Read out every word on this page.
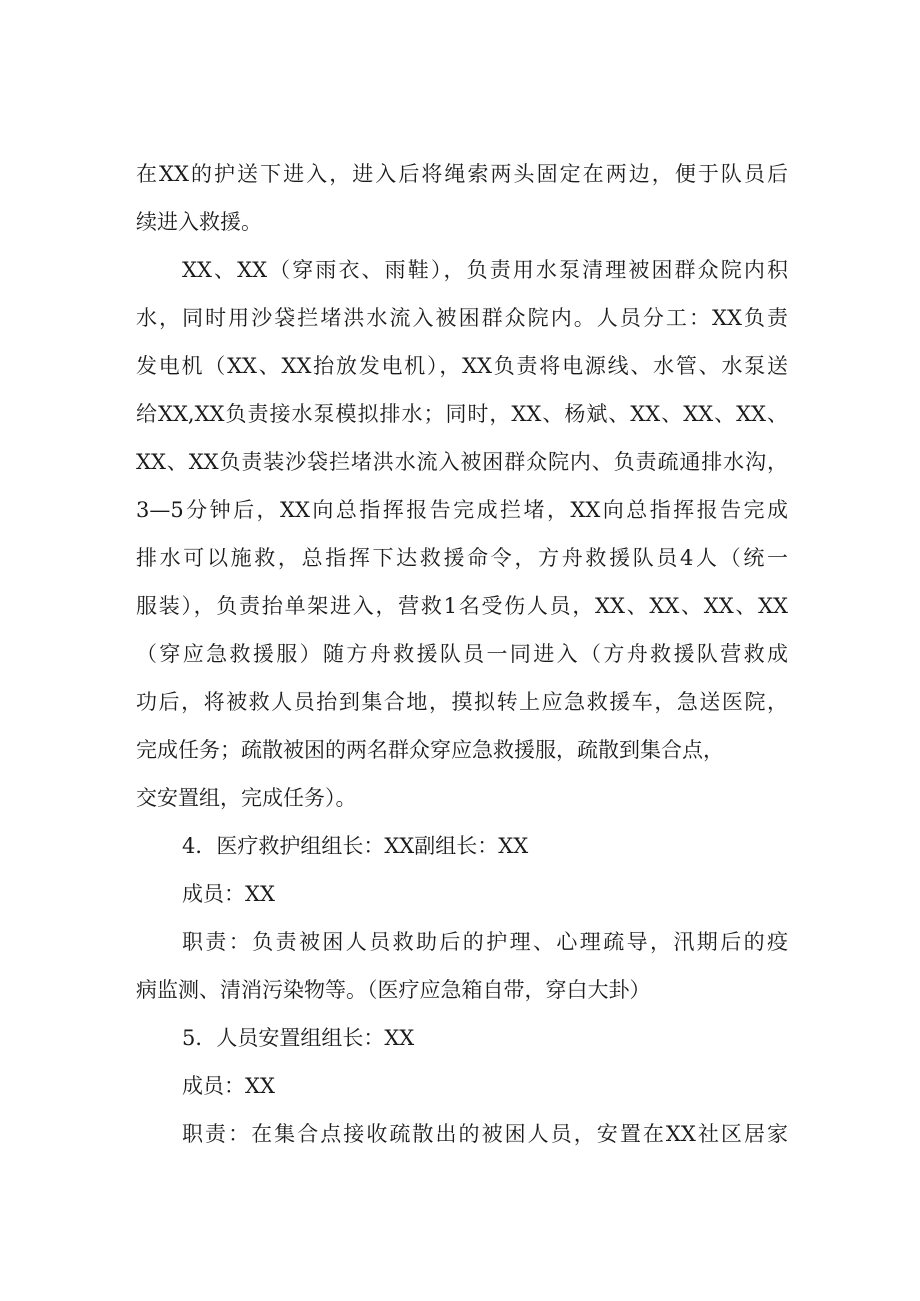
在XX的护送下进入，进入后将绳索两头固定在两边，便于队员后
续进入救援。
XX、XX（穿雨衣、雨鞋），负责用水泵清理被困群众院内积
水，同时用沙袋拦堵洪水流入被困群众院内。人员分工：XX负责
发电机（XX、XX抬放发电机），XX负责将电源线、水管、水泵送
给XX,XX负责接水泵模拟排水；同时，XX、杨斌、XX、XX、XX、
XX、XX负责装沙袋拦堵洪水流入被困群众院内、负责疏通排水沟，
3—5分钟后，XX向总指挥报告完成拦堵，XX向总指挥报告完成
排水可以施救，总指挥下达救援命令，方舟救援队员4人（统一
服装），负责抬单架进入，营救1名受伤人员，XX、XX、XX、XX
（穿应急救援服）随方舟救援队员一同进入（方舟救援队营救成
功后，将被救人员抬到集合地，摸拟转上应急救援车，急送医院，
完成任务；疏散被困的两名群众穿应急救援服，疏散到集合点，
交安置组，完成任务）。
4．医疗救护组组长：XX副组长：XX
成员：XX
职责：负责被困人员救助后的护理、心理疏导，汛期后的疫
病监测、清消污染物等。（医疗应急箱自带，穿白大卦）
5．人员安置组组长：XX
成员：XX
职责：在集合点接收疏散出的被困人员，安置在XX社区居家
